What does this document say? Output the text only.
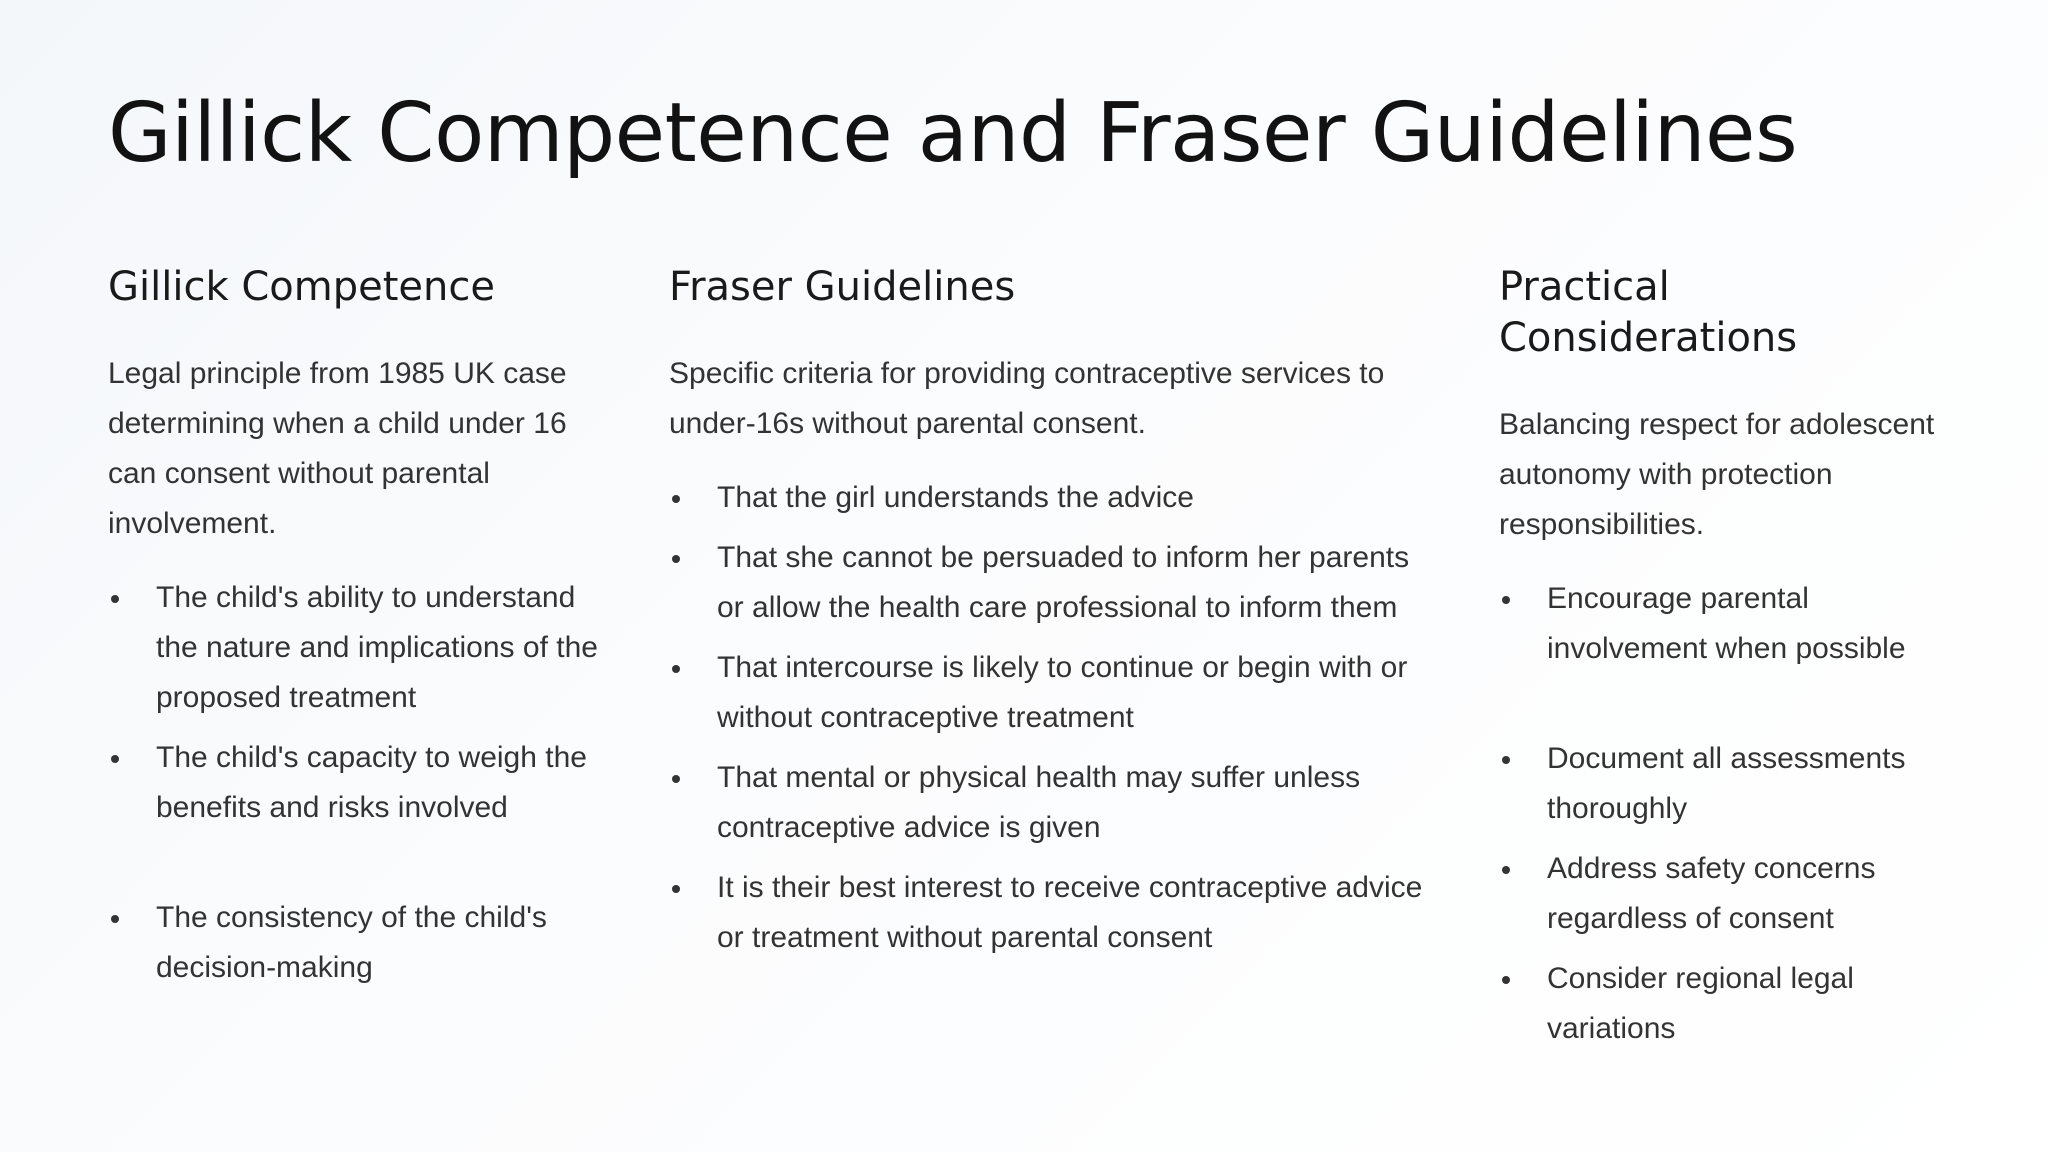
Gillick Competence and Fraser Guidelines
Gillick Competence

Legal principle from 1985 UK case determining when a child under 16 can consent without parental involvement.

The child's ability to understand the nature and implications of the proposed treatment
The child's capacity to weigh the benefits and risks involved
The consistency of the child's decision-making
Fraser Guidelines

Specific criteria for providing contraceptive services to under-16s without parental consent.

That the girl understands the advice
That she cannot be persuaded to inform her parents or allow the health care professional to inform them
That intercourse is likely to continue or begin with or without contraceptive treatment
That mental or physical health may suffer unless contraceptive advice is given
It is their best interest to receive contraceptive advice or treatment without parental consent
Practical Considerations

Balancing respect for adolescent autonomy with protection responsibilities.

Encourage parental involvement when possible
Document all assessments thoroughly
Address safety concerns regardless of consent
Consider regional legal variations
